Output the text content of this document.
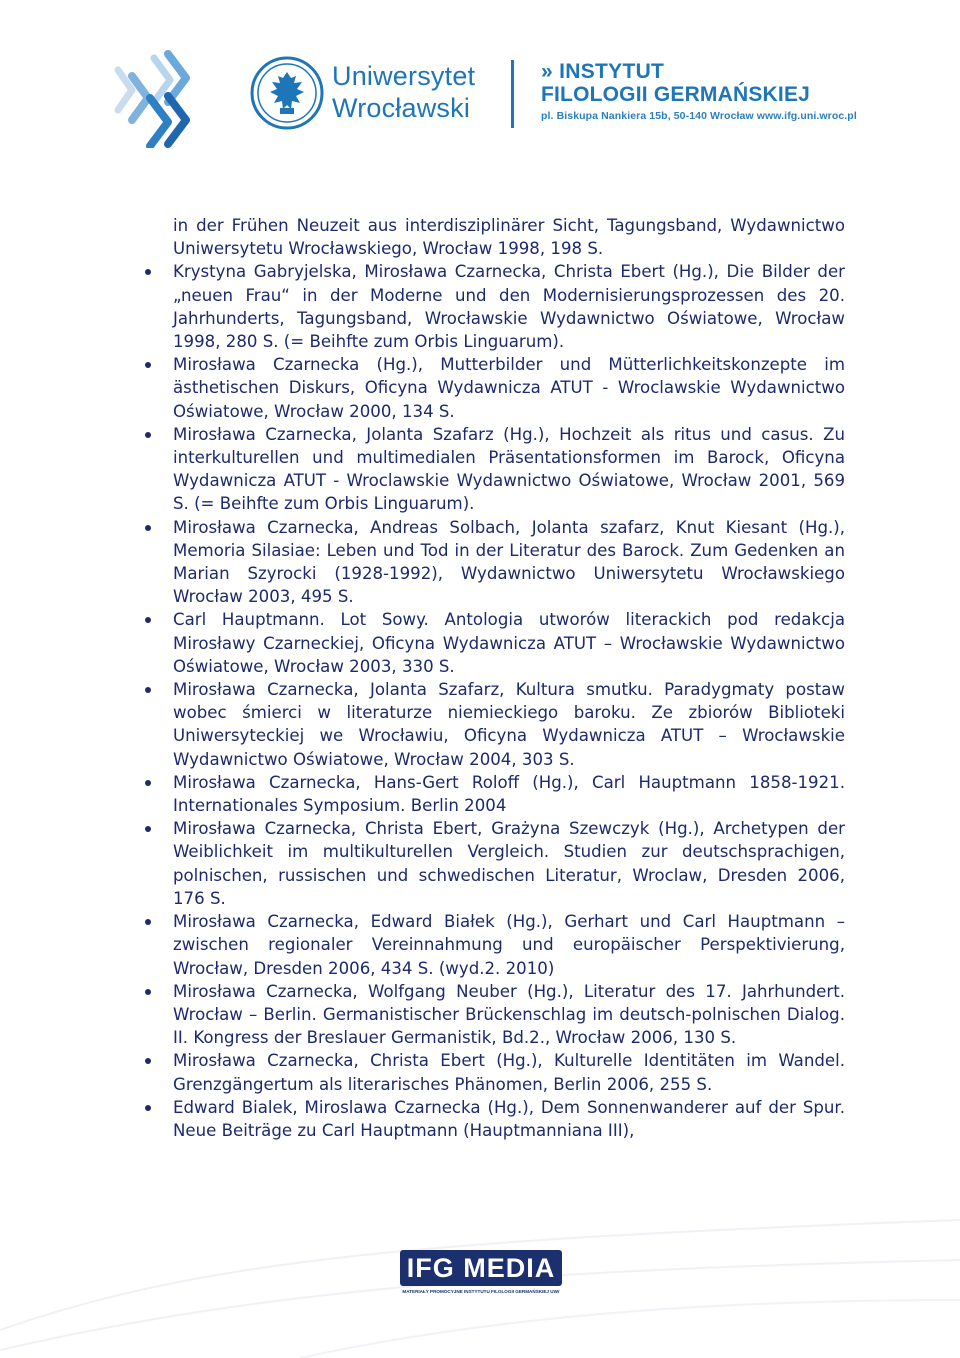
Uniwersytet
Wrocławski
» INSTYTUT
FILOLOGII GERMAŃSKIEJ
pl. Biskupa Nankiera 15b, 50-140 Wrocław www.ifg.uni.wroc.pl

in der Frühen Neuzeit aus interdisziplinärer Sicht, Tagungsband, Wydawnictwo Uniwersytetu Wrocławskiego, Wrocław 1998, 198 S.

Krystyna Gabryjelska, Mirosława Czarnecka, Christa Ebert (Hg.), Die Bilder der „neuen Frau“ in der Moderne und den Modernisierungsprozessen des 20. Jahrhunderts, Tagungsband, Wrocławskie Wydawnictwo Oświatowe, Wrocław 1998, 280 S. (= Beihfte zum Orbis Linguarum).
Mirosława Czarnecka (Hg.), Mutterbilder und Mütterlichkeitskonzepte im ästhetischen Diskurs, Oficyna Wydawnicza ATUT - Wroclawskie Wydawnictwo Oświatowe, Wrocław 2000, 134 S.
Mirosława Czarnecka, Jolanta Szafarz (Hg.), Hochzeit als ritus und casus. Zu interkulturellen und multimedialen Präsentationsformen im Barock, Oficyna Wydawnicza ATUT - Wroclawskie Wydawnictwo Oświatowe, Wrocław 2001, 569 S. (= Beihfte zum Orbis Linguarum).
Mirosława Czarnecka, Andreas Solbach, Jolanta szafarz, Knut Kiesant (Hg.), Memoria Silasiae: Leben und Tod in der Literatur des Barock. Zum Gedenken an Marian Szyrocki (1928-1992), Wydawnictwo Uniwersytetu Wrocławskiego Wrocław 2003, 495 S.
Carl Hauptmann. Lot Sowy. Antologia utworów literackich pod redakcja Mirosławy Czarneckiej, Oficyna Wydawnicza ATUT – Wrocławskie Wydawnictwo Oświatowe, Wrocław 2003, 330 S.
Mirosława Czarnecka, Jolanta Szafarz, Kultura smutku. Paradygmaty postaw wobec śmierci w literaturze niemieckiego baroku. Ze zbiorów Biblioteki Uniwersyteckiej we Wrocławiu, Oficyna Wydawnicza ATUT – Wrocławskie Wydawnictwo Oświatowe, Wrocław 2004, 303 S.
Mirosława Czarnecka, Hans-Gert Roloff (Hg.), Carl Hauptmann 1858-1921. Internationales Symposium. Berlin 2004
Mirosława Czarnecka, Christa Ebert, Grażyna Szewczyk (Hg.), Archetypen der Weiblichkeit im multikulturellen Vergleich. Studien zur deutschsprachigen, polnischen, russischen und schwedischen Literatur, Wroclaw, Dresden 2006, 176 S.
Mirosława Czarnecka, Edward Białek (Hg.), Gerhart und Carl Hauptmann – zwischen regionaler Vereinnahmung und europäischer Perspektivierung, Wrocław, Dresden 2006, 434 S. (wyd.2. 2010)
Mirosława Czarnecka, Wolfgang Neuber (Hg.), Literatur des 17. Jahrhundert. Wrocław – Berlin. Germanistischer Brückenschlag im deutsch-polnischen Dialog. II. Kongress der Breslauer Germanistik, Bd.2., Wrocław 2006, 130 S.
Mirosława Czarnecka, Christa Ebert (Hg.), Kulturelle Identitäten im Wandel. Grenzgängertum als literarisches Phänomen, Berlin 2006, 255 S.
Edward Bialek, Miroslawa Czarnecka (Hg.), Dem Sonnenwanderer auf der Spur. Neue Beiträge zu Carl Hauptmann (Hauptmanniana III),
IFG MEDIA
MATERIAŁY PROMOCYJNE INSTYTUTU FILOLOGII GERMAŃSKIEJ UWr
